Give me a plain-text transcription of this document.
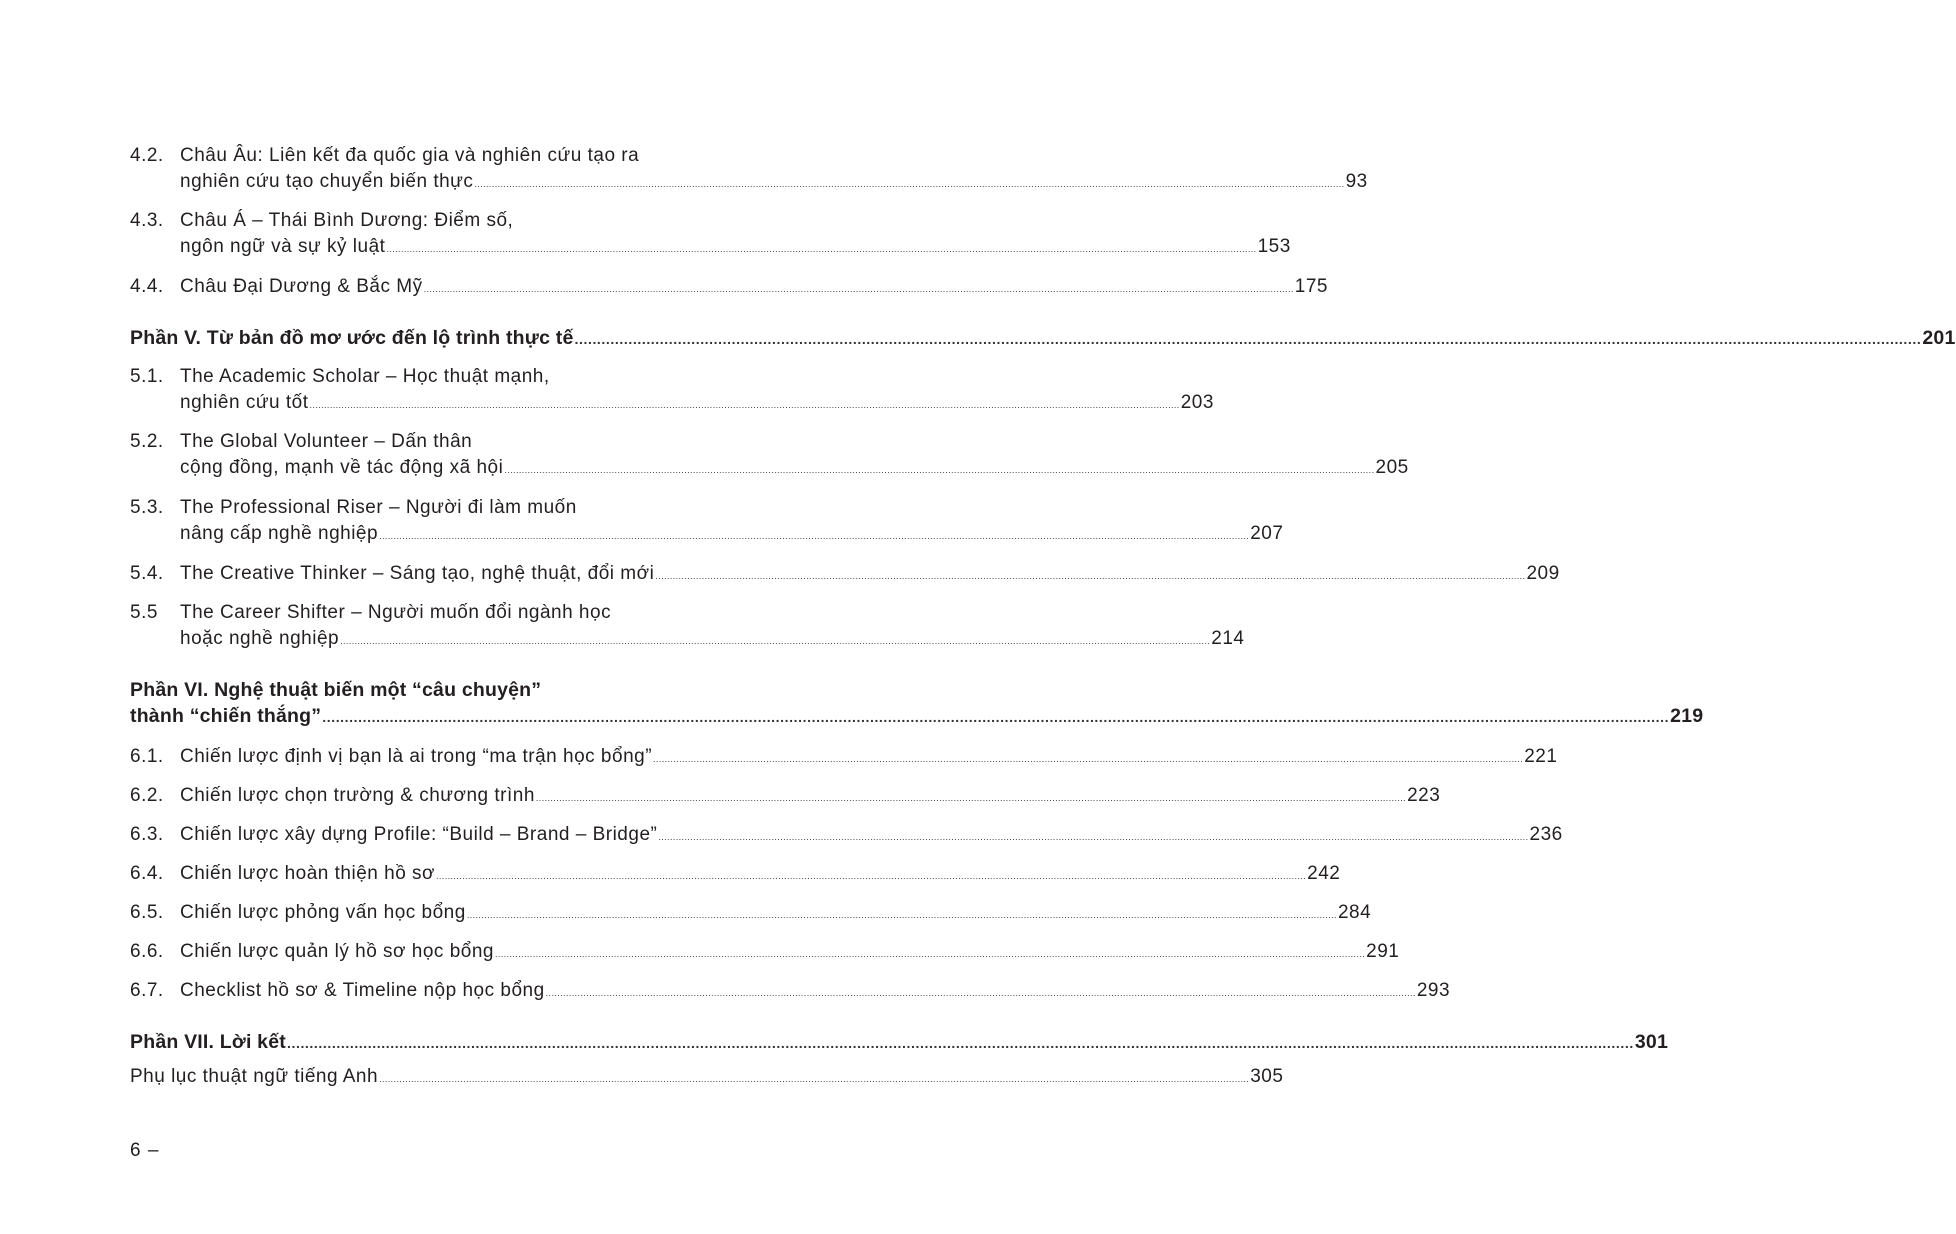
4.2. Châu Âu: Liên kết đa quốc gia và nghiên cứu tạo ra
nghiên cứu tạo chuyển biến thực ............................................................................................................................................................................................................................................................................................................ 93
4.3. Châu Á – Thái Bình Dương: Điểm số,
ngôn ngữ và sự kỷ luật ............................................................................................................................................................................................................................................................................................................ 153
4.4. Châu Đại Dương & Bắc Mỹ ............................................................................................................................................................................................................................................................................................................ 175
Phần V. Từ bản đồ mơ ước đến lộ trình thực tế ............................................................................................................................................................................................................................................................................................................ 201
5.1. The Academic Scholar – Học thuật mạnh,
nghiên cứu tốt ............................................................................................................................................................................................................................................................................................................ 203
5.2. The Global Volunteer – Dấn thân
cộng đồng, mạnh về tác động xã hội ............................................................................................................................................................................................................................................................................................................ 205
5.3. The Professional Riser – Người đi làm muốn
nâng cấp nghề nghiệp ............................................................................................................................................................................................................................................................................................................ 207
5.4. The Creative Thinker – Sáng tạo, nghệ thuật, đổi mới ............................................................................................................................................................................................................................................................................................................ 209
5.5	The Career Shifter – Người muốn đổi ngành học
hoặc nghề nghiệp ............................................................................................................................................................................................................................................................................................................ 214
Phần VI. Nghệ thuật biến một “câu chuyện”
thành “chiến thắng” ............................................................................................................................................................................................................................................................................................................ 219
6.1. Chiến lược định vị bạn là ai trong “ma trận học bổng” ............................................................................................................................................................................................................................................................................................................ 221
6.2. Chiến lược chọn trường & chương trình ............................................................................................................................................................................................................................................................................................................ 223
6.3. Chiến lược xây dựng Profile: “Build – Brand – Bridge” ............................................................................................................................................................................................................................................................................................................ 236
6.4. Chiến lược hoàn thiện hồ sơ ............................................................................................................................................................................................................................................................................................................ 242
6.5. Chiến lược phỏng vấn học bổng ............................................................................................................................................................................................................................................................................................................ 284
6.6. Chiến lược quản lý hồ sơ học bổng ............................................................................................................................................................................................................................................................................................................ 291
6.7. Checklist hồ sơ & Timeline nộp học bổng ............................................................................................................................................................................................................................................................................................................ 293
Phần VII. Lời kết ............................................................................................................................................................................................................................................................................................................ 301
Phụ lục thuật ngữ tiếng Anh ............................................................................................................................................................................................................................................................................................................ 305
6 –
